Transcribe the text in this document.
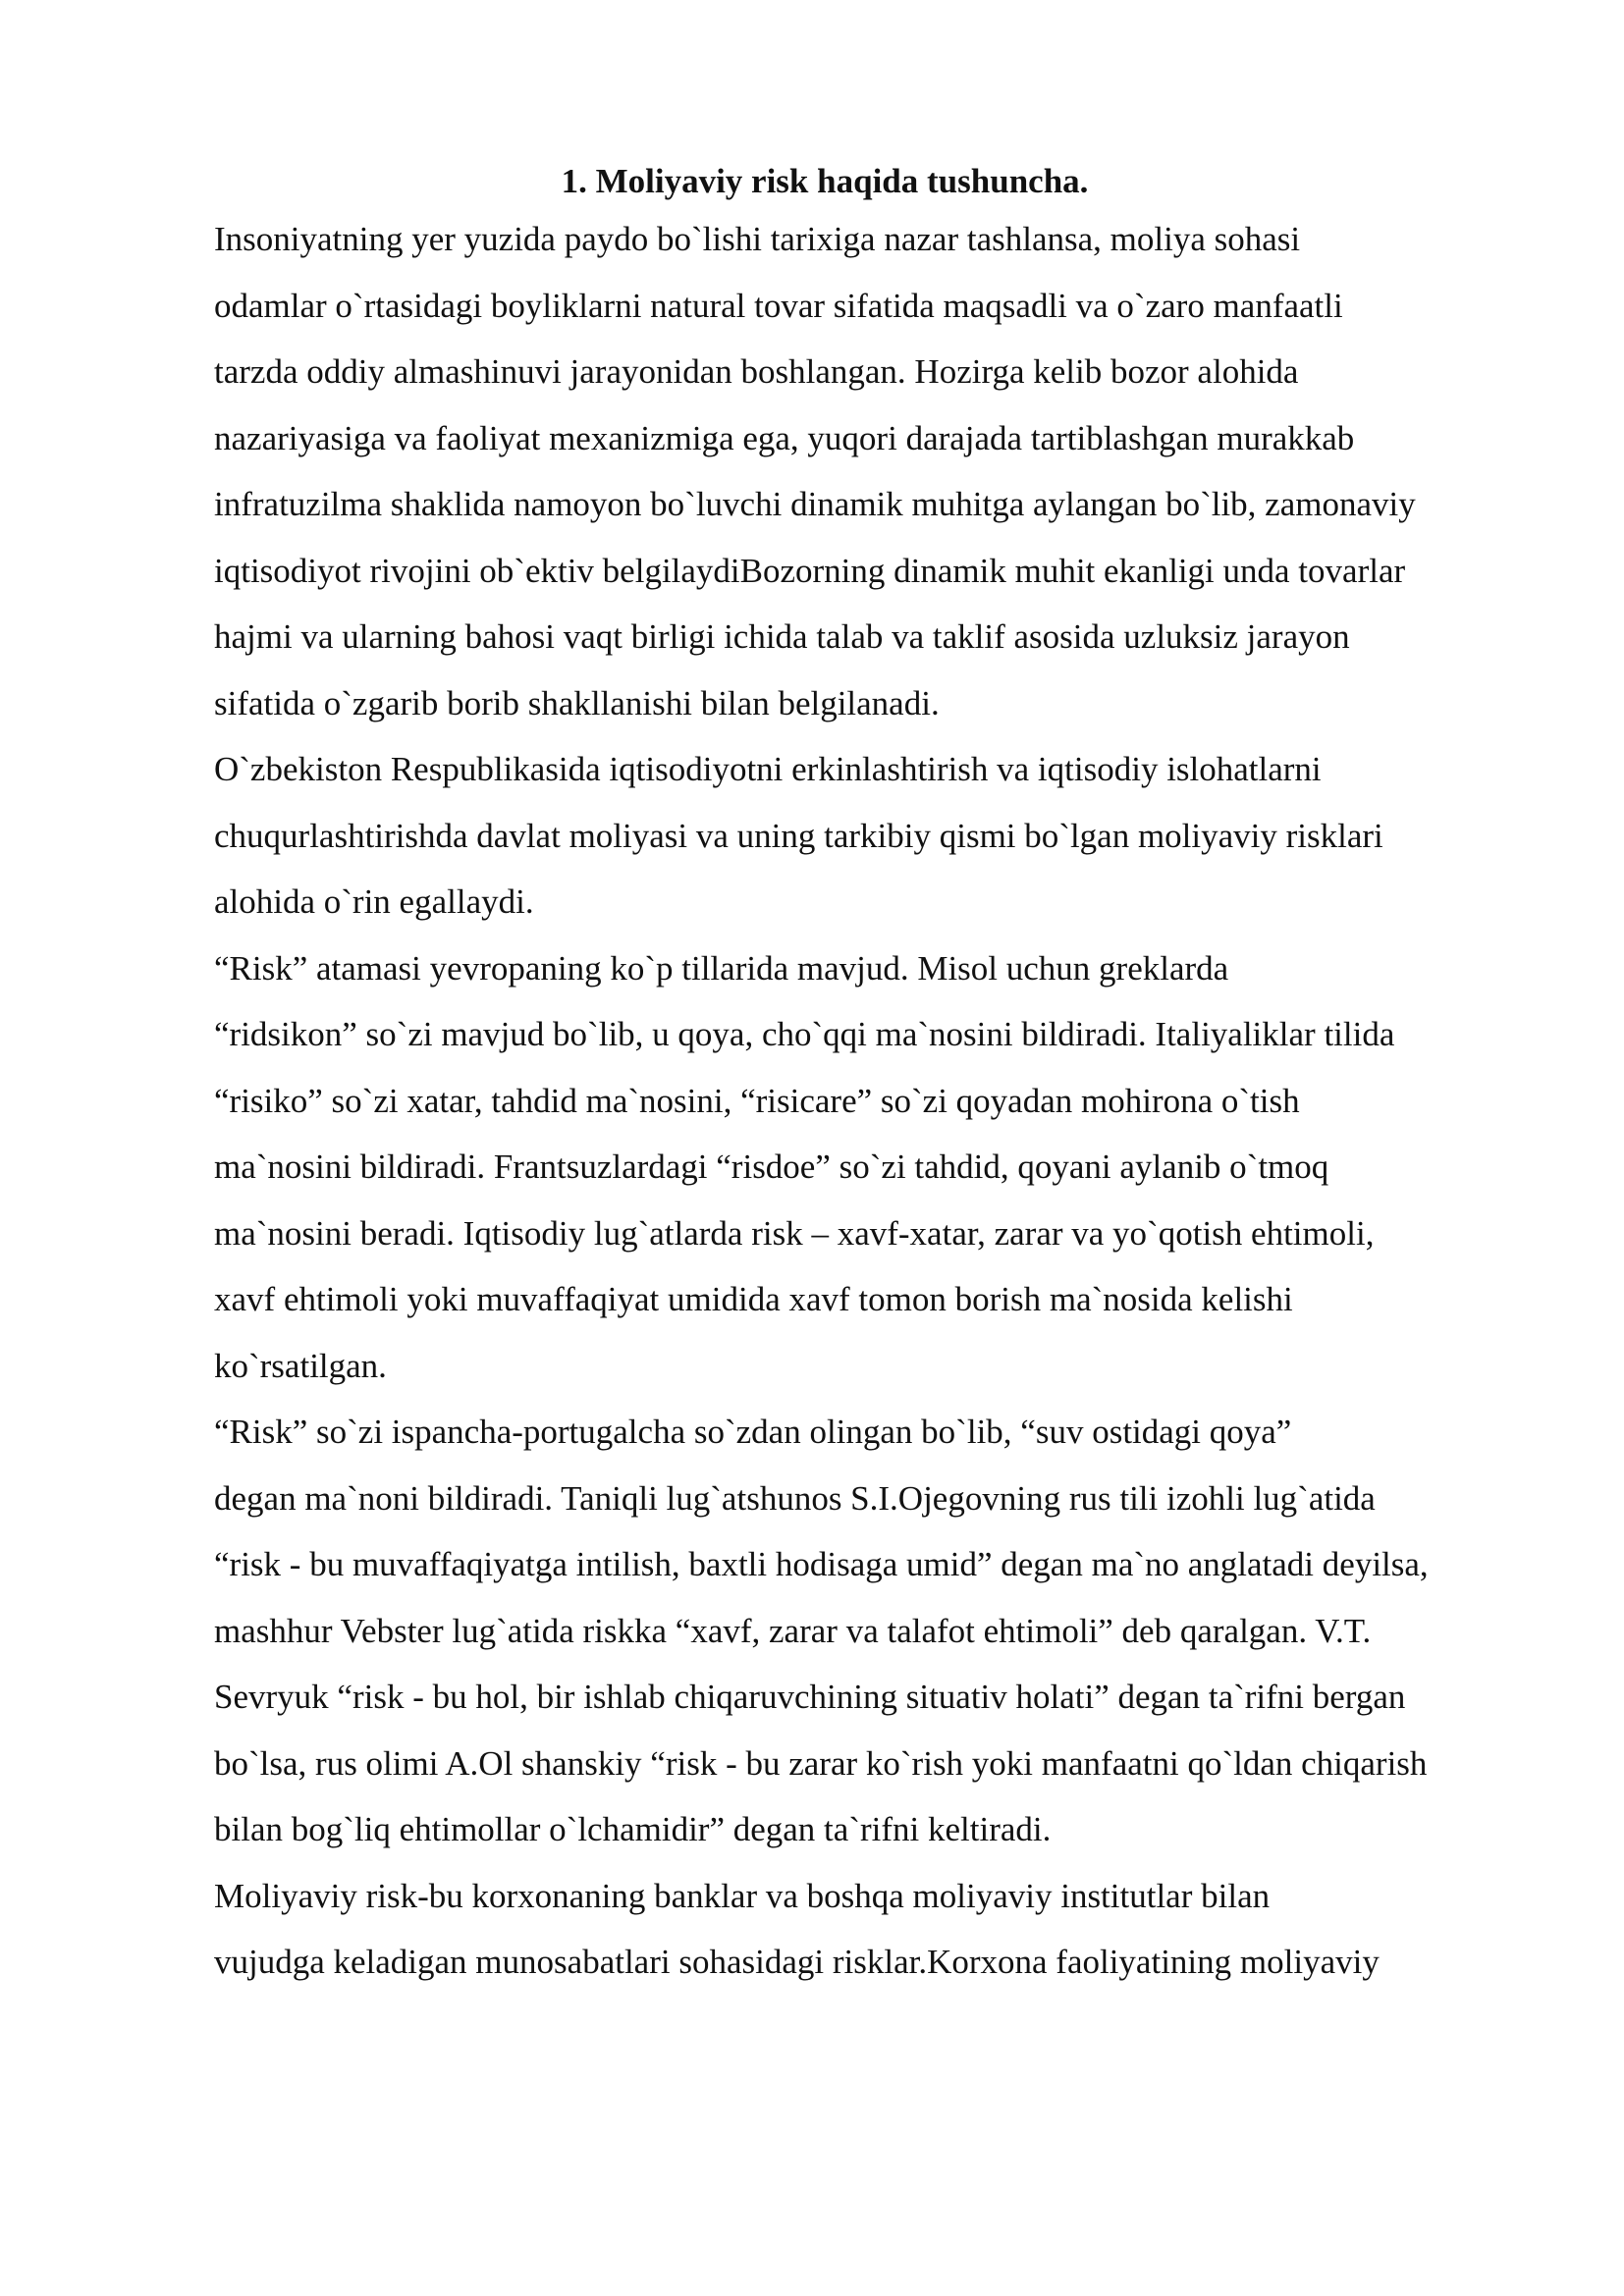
1. Moliyaviy risk haqida tushuncha.

Insoniyatning yer yuzida paydo bo`lishi tarixiga nazar tashlansa, moliya sohasi
odamlar o`rtasidagi boyliklarni natural tovar sifatida maqsadli va o`zaro manfaatli
tarzda oddiy almashinuvi jarayonidan boshlangan. Hozirga kelib bozor alohida
nazariyasiga va faoliyat mexanizmiga ega, yuqori darajada tartiblashgan murakkab
infratuzilma shaklida namoyon bo`luvchi dinamik muhitga aylangan bo`lib, zamonaviy
iqtisodiyot rivojini ob`ektiv belgilaydiBozorning dinamik muhit ekanligi unda tovarlar
hajmi va ularning bahosi vaqt birligi ichida talab va taklif asosida uzluksiz jarayon
sifatida o`zgarib borib shakllanishi bilan belgilanadi.

O`zbekiston Respublikasida iqtisodiyotni erkinlashtirish va iqtisodiy islohatlarni
chuqurlashtirishda davlat moliyasi va uning tarkibiy qismi bo`lgan moliyaviy risklari
alohida o`rin egallaydi.

“Risk” atamasi yevropaning ko`p tillarida mavjud. Misol uchun greklarda
“ridsikon” so`zi mavjud bo`lib, u qoya, cho`qqi ma`nosini bildiradi. Italiyaliklar tilida
“risiko” so`zi xatar, tahdid ma`nosini, “risicare” so`zi qoyadan mohirona o`tish
ma`nosini bildiradi. Frantsuzlardagi “risdoe” so`zi tahdid, qoyani aylanib o`tmoq
ma`nosini beradi. Iqtisodiy lug`atlarda risk – xavf-xatar, zarar va yo`qotish ehtimoli,
xavf ehtimoli yoki muvaffaqiyat umidida xavf tomon borish ma`nosida kelishi
ko`rsatilgan.

“Risk” so`zi ispancha-portugalcha so`zdan olingan bo`lib, “suv ostidagi qoya”
degan ma`noni bildiradi. Taniqli lug`atshunos S.I.Ojegovning rus tili izohli lug`atida
“risk - bu muvaffaqiyatga intilish, baxtli hodisaga umid” degan ma`no anglatadi deyilsa,
mashhur Vebster lug`atida riskka “xavf, zarar va talafot ehtimoli” deb qaralgan. V.T.
Sevryuk “risk - bu hol, bir ishlab chiqaruvchining situativ holati” degan ta`rifni bergan
bo`lsa, rus olimi A.Ol shanskiy “risk - bu zarar ko`rish yoki manfaatni qo`ldan chiqarish
bilan bog`liq ehtimollar o`lchamidir” degan ta`rifni keltiradi.

Moliyaviy risk-bu korxonaning banklar va boshqa moliyaviy institutlar bilan
vujudga keladigan munosabatlari sohasidagi risklar.Korxona faoliyatining moliyaviy
